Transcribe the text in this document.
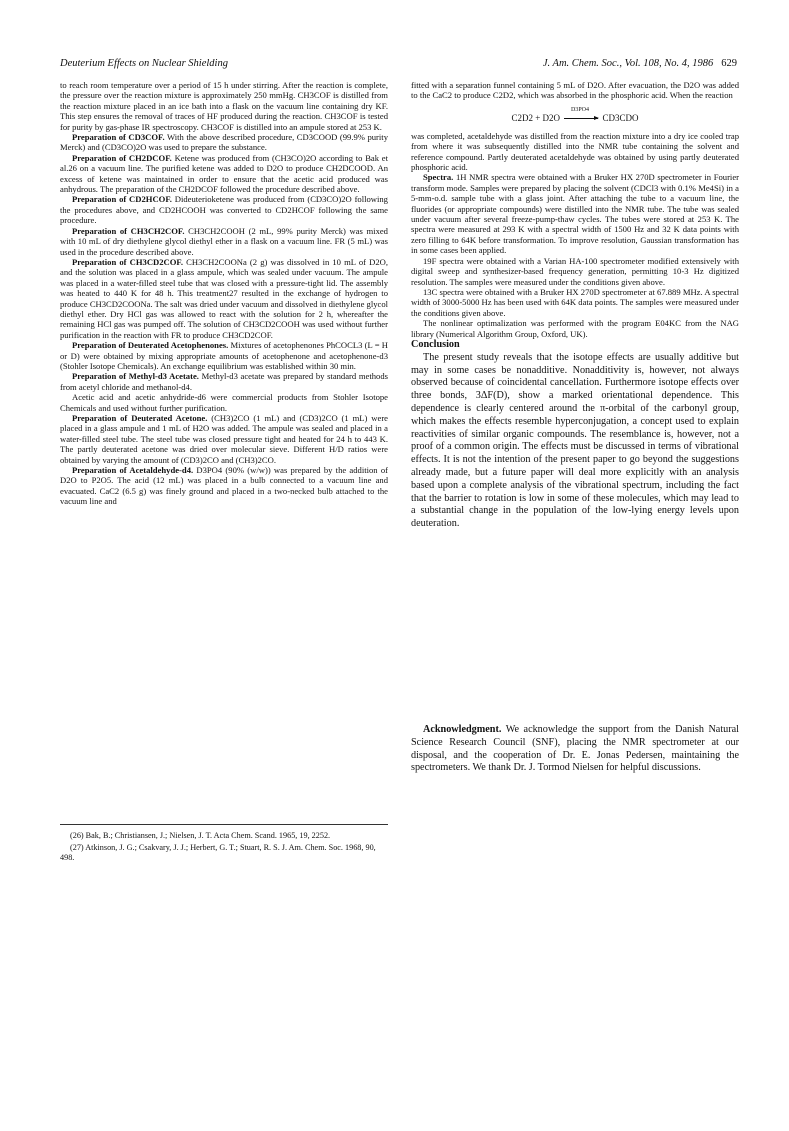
Deuterium Effects on Nuclear Shielding	J. Am. Chem. Soc., Vol. 108, No. 4, 1986 629

to reach room temperature over a period of 15 h under stirring. After the reaction is complete, the pressure over the reaction mixture is approximately 250 mmHg. CH3COF is distilled from the reaction mixture placed in an ice bath into a flask on the vacuum line containing dry KF. This step ensures the removal of traces of HF produced during the reaction. CH3COF is tested for purity by gas-phase IR spectroscopy. CH3COF is distilled into an ampule stored at 253 K.

Preparation of CD3COF. With the above described procedure, CD3COOD (99.9% purity Merck) and (CD3CO)2O was used to prepare the substance.

Preparation of CH2DCOF. Ketene was produced from (CH3CO)2O according to Bak et al.26 on a vacuum line. The purified ketene was added to D2O to produce CH2DCOOD. An excess of ketene was maintained in order to ensure that the acetic acid produced was anhydrous. The preparation of the CH2DCOF followed the procedure described above.

Preparation of CD2HCOF. Dideuterioketene was produced from (CD3CO)2O following the procedures above, and CD2HCOOH was converted to CD2HCOF following the same procedure.

Preparation of CH3CH2COF. CH3CH2COOH (2 mL, 99% purity Merck) was mixed with 10 mL of dry diethylene glycol diethyl ether in a flask on a vacuum line. FR (5 mL) was used in the procedure described above.

Preparation of CH3CD2COF. CH3CH2COONa (2 g) was dissolved in 10 mL of D2O, and the solution was placed in a glass ampule, which was sealed under vacuum. The ampule was placed in a water-filled steel tube that was closed with a pressure-tight lid. The assembly was heated to 440 K for 48 h. This treatment27 resulted in the exchange of hydrogen to produce CH3CD2COONa. The salt was dried under vacuum and dissolved in diethylene glycol diethyl ether. Dry HCl gas was allowed to react with the solution for 2 h, whereafter the remaining HCl gas was pumped off. The solution of CH3CD2COOH was used without further purification in the reaction with FR to produce CH3CD2COF.

Preparation of Deuterated Acetophenones. Mixtures of acetophenones PhCOCL3 (L = H or D) were obtained by mixing appropriate amounts of acetophenone and acetophenone-d3 (Stohler Isotope Chemicals). An exchange equilibrium was established within 30 min.

Preparation of Methyl-d3 Acetate. Methyl-d3 acetate was prepared by standard methods from acetyl chloride and methanol-d4.

Acetic acid and acetic anhydride-d6 were commercial products from Stohler Isotope Chemicals and used without further purification.

Preparation of Deuterated Acetone. (CH3)2CO (1 mL) and (CD3)2CO (1 mL) were placed in a glass ampule and 1 mL of H2O was added. The ampule was sealed and placed in a water-filled steel tube. The steel tube was closed pressure tight and heated for 24 h to 443 K. The partly deuterated acetone was dried over molecular sieve. Different H/D ratios were obtained by varying the amount of (CD3)2CO and (CH3)2CO.

Preparation of Acetaldehyde-d4. D3PO4 (90% (w/w)) was prepared by the addition of D2O to P2O5. The acid (12 mL) was placed in a bulb connected to a vacuum line and evacuated. CaC2 (6.5 g) was finely ground and placed in a two-necked bulb attached to the vacuum line and

(26) Bak, B.; Christiansen, J.; Nielsen, J. T. Acta Chem. Scand. 1965, 19, 2252.

(27) Atkinson, J. G.; Csakvary, J. J.; Herbert, G. T.; Stuart, R. S. J. Am. Chem. Soc. 1968, 90, 498.

fitted with a separation funnel containing 5 mL of D2O. After evacuation, the D2O was added to the CaC2 to produce C2D2, which was absorbed in the phosphoric acid. When the reaction

D3PO4
C2D2 + D2O → CD3CDO

was completed, acetaldehyde was distilled from the reaction mixture into a dry ice cooled trap from where it was subsequently distilled into the NMR tube containing the solvent and reference compound. Partly deuterated acetaldehyde was obtained by using partly deuterated phosphoric acid.

Spectra. 1H NMR spectra were obtained with a Bruker HX 270D spectrometer in Fourier transform mode. Samples were prepared by placing the solvent (CDCl3 with 0.1% Me4Si) in a 5-mm-o.d. sample tube with a glass joint. After attaching the tube to a vacuum line, the fluorides (or appropriate compounds) were distilled into the NMR tube. The tube was sealed under vacuum after several freeze-pump-thaw cycles. The tubes were stored at 253 K. The spectra were measured at 293 K with a spectral width of 1500 Hz and 32 K data points with zero filling to 64K before transformation. To improve resolution, Gaussian transformation has in some cases been applied.

19F spectra were obtained with a Varian HA-100 spectrometer modified extensively with digital sweep and synthesizer-based frequency generation, permitting 10-3 Hz digitized resolution. The samples were measured under the conditions given above.

13C spectra were obtained with a Bruker HX 270D spectrometer at 67.889 MHz. A spectral width of 3000-5000 Hz has been used with 64K data points. The samples were measured under the conditions given above.

The nonlinear optimalization was performed with the program E04KC from the NAG library (Numerical Algorithm Group, Oxford, UK).

Conclusion

The present study reveals that the isotope effects are usually additive but may in some cases be nonadditive. Nonadditivity is, however, not always observed because of coincidental cancellation. Furthermore isotope effects over three bonds, 3ΔF(D), show a marked orientational dependence. This dependence is clearly centered around the π-orbital of the carbonyl group, which makes the effects resemble hyperconjugation, a concept used to explain reactivities of similar organic compounds. The resemblance is, however, not a proof of a common origin. The effects must be discussed in terms of vibrational effects. It is not the intention of the present paper to go beyond the suggestions already made, but a future paper will deal more explicitly with an analysis based upon a complete analysis of the vibrational spectrum, including the fact that the barrier to rotation is low in some of these molecules, which may lead to a substantial change in the population of the low-lying energy levels upon deuteration.

Acknowledgment. We acknowledge the support from the Danish Natural Science Research Council (SNF), placing the NMR spectrometer at our disposal, and the cooperation of Dr. E. Jonas Pedersen, maintaining the spectrometers. We thank Dr. J. Tormod Nielsen for helpful discussions.
